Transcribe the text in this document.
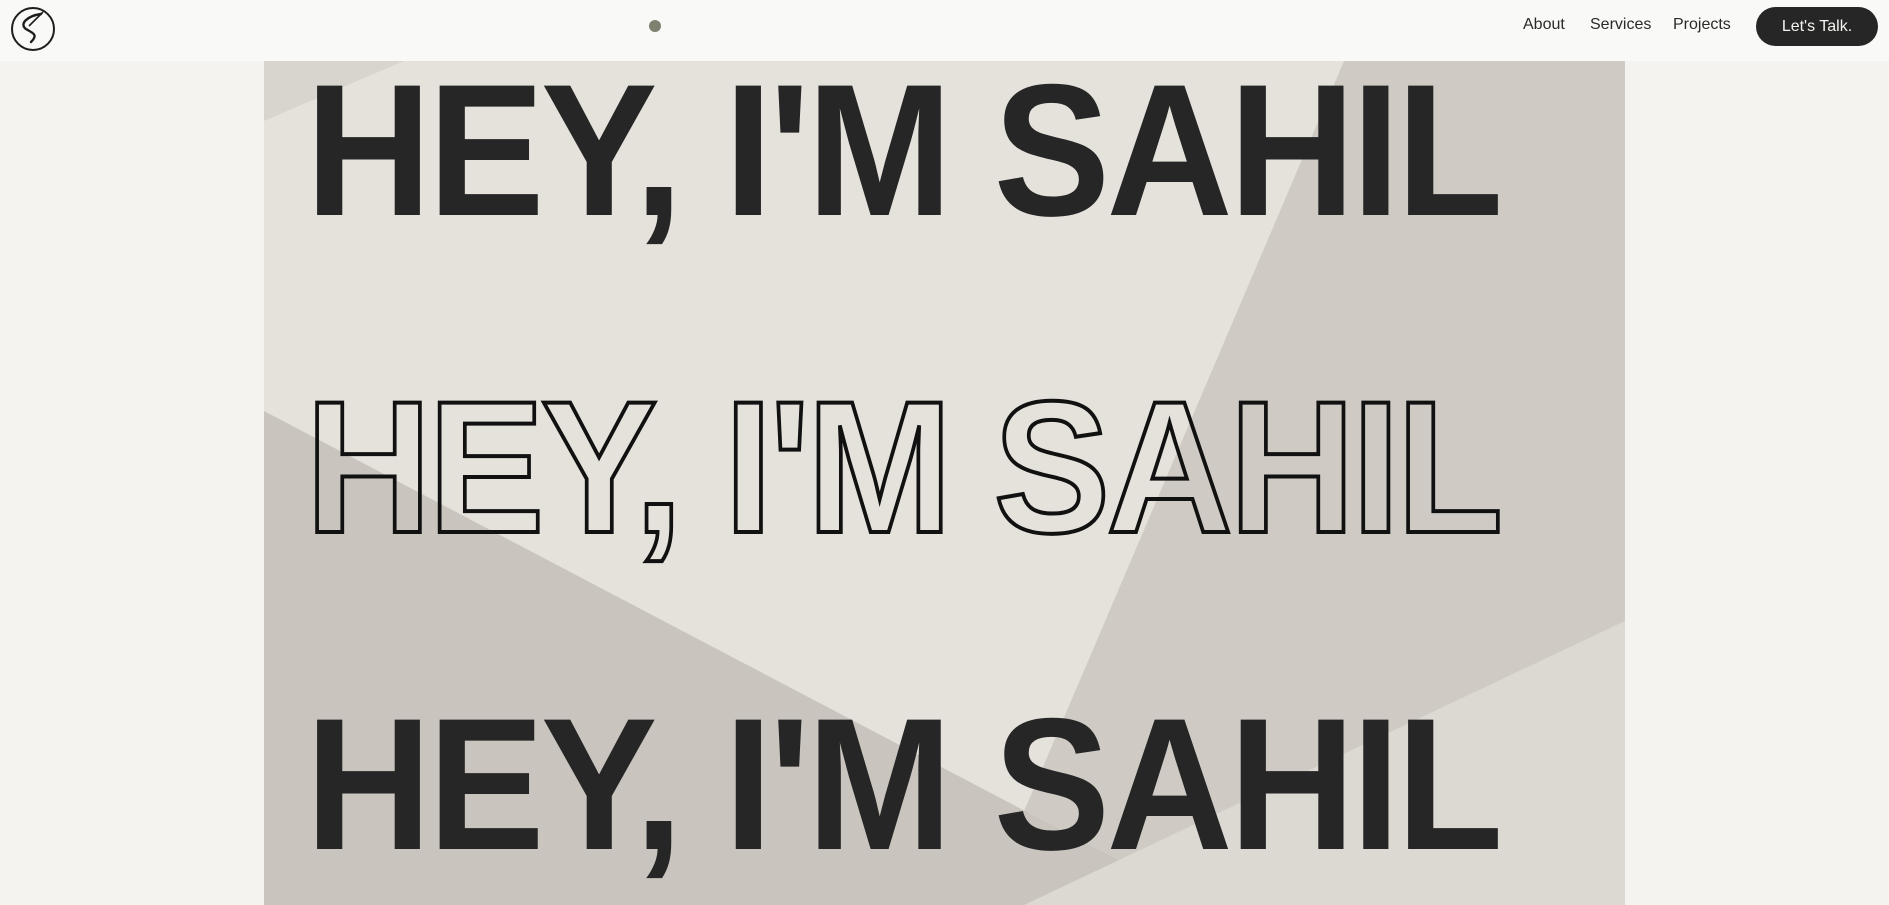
About Services Projects	Let's Talk.
HEY, I'M SAHIL
HEY, I'M SAHIL
HEY, I'M SAHIL
